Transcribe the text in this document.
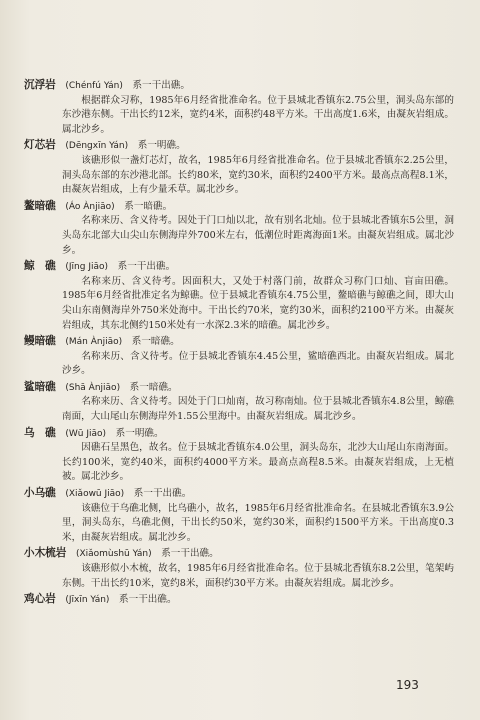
沉浮岩　 (Chénfú Yán)　 系一干出礁。

根据群众习称，1985年6月经省批准命名。位于县城北香镇东2.75公里，洞头岛东部的东沙港东侧。干出长约12米，宽约4米，面积约48平方米。干出高度1.6米，由凝灰岩组成。属北沙乡。

灯芯岩　 (Dēngxīn Yán)　 系一明礁。

该礁形似一盏灯芯灯，故名，1985年6月经省批准命名。位于县城北香镇东2.25公里，洞头岛东部的东沙港北部。长约80米，宽约30米，面积约2400平方米。最高点高程8.1米，由凝灰岩组成，上有少量禾草。属北沙乡。

鳌暗礁　 (Áo Ànjiāo)　 系一暗礁。

名称来历、含义待考。因处于门口灿以北，故有别名北灿。位于县城北香镇东5公里，洞头岛东北部大山尖山东侧海岸外700米左右，低潮位时距离海面1米。由凝灰岩组成。属北沙乡。

鲸　礁　 (Jīng Jiāo)　 系一干出礁。

名称来历、含义待考。因面积大，又处于村落门前，故群众习称门口灿、盲亩田礁。1985年6月经省批准定名为鲸礁。位于县城北香镇东4.75公里，鳌暗礁与鲸礁之间，即大山尖山东南侧海岸外750米处海中。干出长约70米，宽约30米，面积约2100平方米。由凝灰岩组成，其东北侧约150米处有一水深2.3米的暗礁。属北沙乡。

鳗暗礁　 (Mán Ànjiāo)　 系一暗礁。

名称来历、含义待考。位于县城北香镇东4.45公里，鲨暗礁西北。由凝灰岩组成。属北沙乡。

鲨暗礁　 (Shā Ànjiāo)　 系一暗礁。

名称来历、含义待考。因处于门口灿南，故习称南灿。位于县城北香镇东4.8公里，鲸礁南面，大山尾山东侧海岸外1.55公里海中。由凝灰岩组成。属北沙乡。

乌　礁　 (Wū Jiāo)　 系一明礁。

因礁石呈黑色，故名。位于县城北香镇东4.0公里，洞头岛东，北沙大山尾山东南海面。长约100米，宽约40米，面积约4000平方米。最高点高程8.5米。由凝灰岩组成，上无植被。属北沙乡。

小乌礁　 (Xiǎowū Jiāo)　 系一干出礁。

该礁位于乌礁北侧，比乌礁小，故名，1985年6月经省批准命名。在县城北香镇东3.9公里，洞头岛东，乌礁北侧，干出长约50米，宽约30米，面积约1500平方米。干出高度0.3米，由凝灰岩组成。属北沙乡。

小木梳岩　 (Xiǎomùshū Yán)　 系一干出礁。

该礁形似小木梳，故名，1985年6月经省批准命名。位于县城北香镇东8.2公里，笔架屿东侧。干出长约10米，宽约8米，面积约30平方米。由凝灰岩组成。属北沙乡。

鸡心岩　 (Jīxīn Yán)　 系一干出礁。
193
